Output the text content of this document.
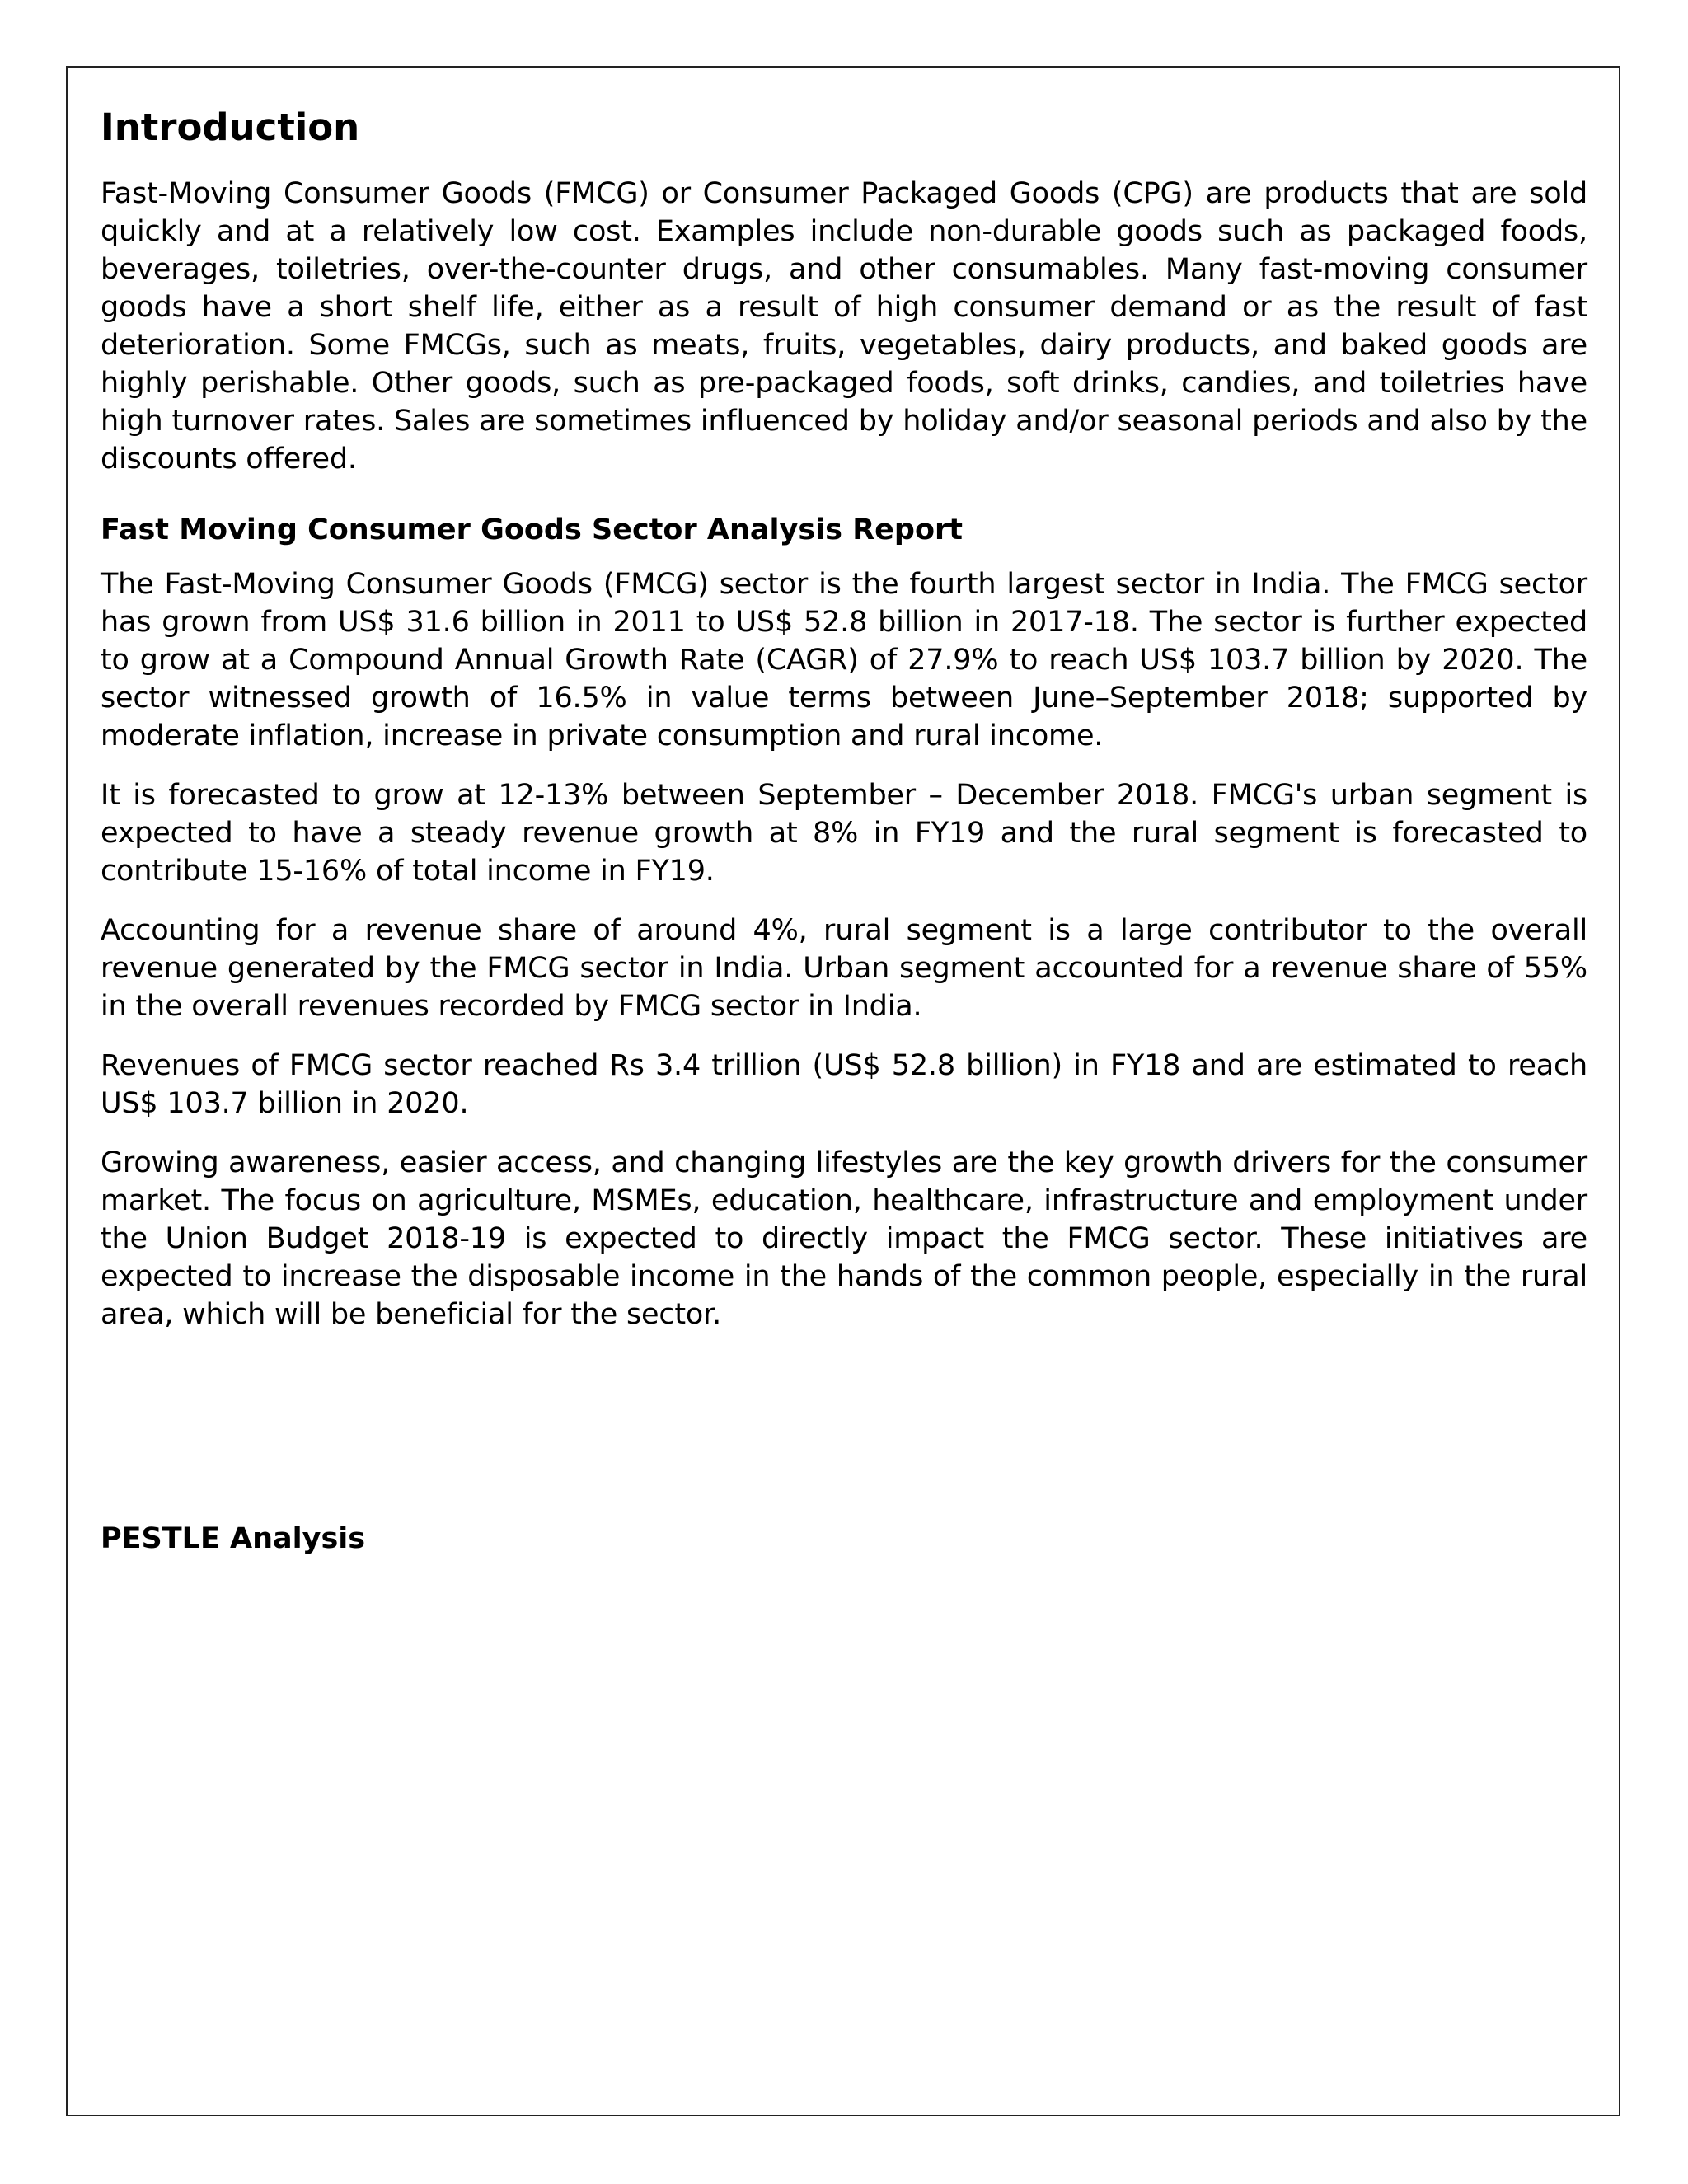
Introduction

Fast-Moving Consumer Goods (FMCG) or Consumer Packaged Goods (CPG) are products that are sold quickly and at a relatively low cost. Examples include non-durable goods such as packaged foods, beverages, toiletries, over-the-counter drugs, and other consumables. Many fast-moving consumer goods have a short shelf life, either as a result of high consumer demand or as the result of fast deterioration. Some FMCGs, such as meats, fruits, vegetables, dairy products, and baked goods are highly perishable. Other goods, such as pre-packaged foods, soft drinks, candies, and toiletries have high turnover rates. Sales are sometimes influenced by holiday and/or seasonal periods and also by the discounts offered.

Fast Moving Consumer Goods Sector Analysis Report

The Fast-Moving Consumer Goods (FMCG) sector is the fourth largest sector in India. The FMCG sector has grown from US$ 31.6 billion in 2011 to US$ 52.8 billion in 2017-18. The sector is further expected to grow at a Compound Annual Growth Rate (CAGR) of 27.9% to reach US$ 103.7 billion by 2020. The sector witnessed growth of 16.5% in value terms between June–September 2018; supported by moderate inflation, increase in private consumption and rural income.

It is forecasted to grow at 12-13% between September – December 2018. FMCG's urban segment is expected to have a steady revenue growth at 8% in FY19 and the rural segment is forecasted to contribute 15-16% of total income in FY19.

Accounting for a revenue share of around 4%, rural segment is a large contributor to the overall revenue generated by the FMCG sector in India. Urban segment accounted for a revenue share of 55% in the overall revenues recorded by FMCG sector in India.

Revenues of FMCG sector reached Rs 3.4 trillion (US$ 52.8 billion) in FY18 and are estimated to reach US$ 103.7 billion in 2020.

Growing awareness, easier access, and changing lifestyles are the key growth drivers for the consumer market. The focus on agriculture, MSMEs, education, healthcare, infrastructure and employment under the Union Budget 2018-19 is expected to directly impact the FMCG sector. These initiatives are expected to increase the disposable income in the hands of the common people, especially in the rural area, which will be beneficial for the sector.

PESTLE Analysis
